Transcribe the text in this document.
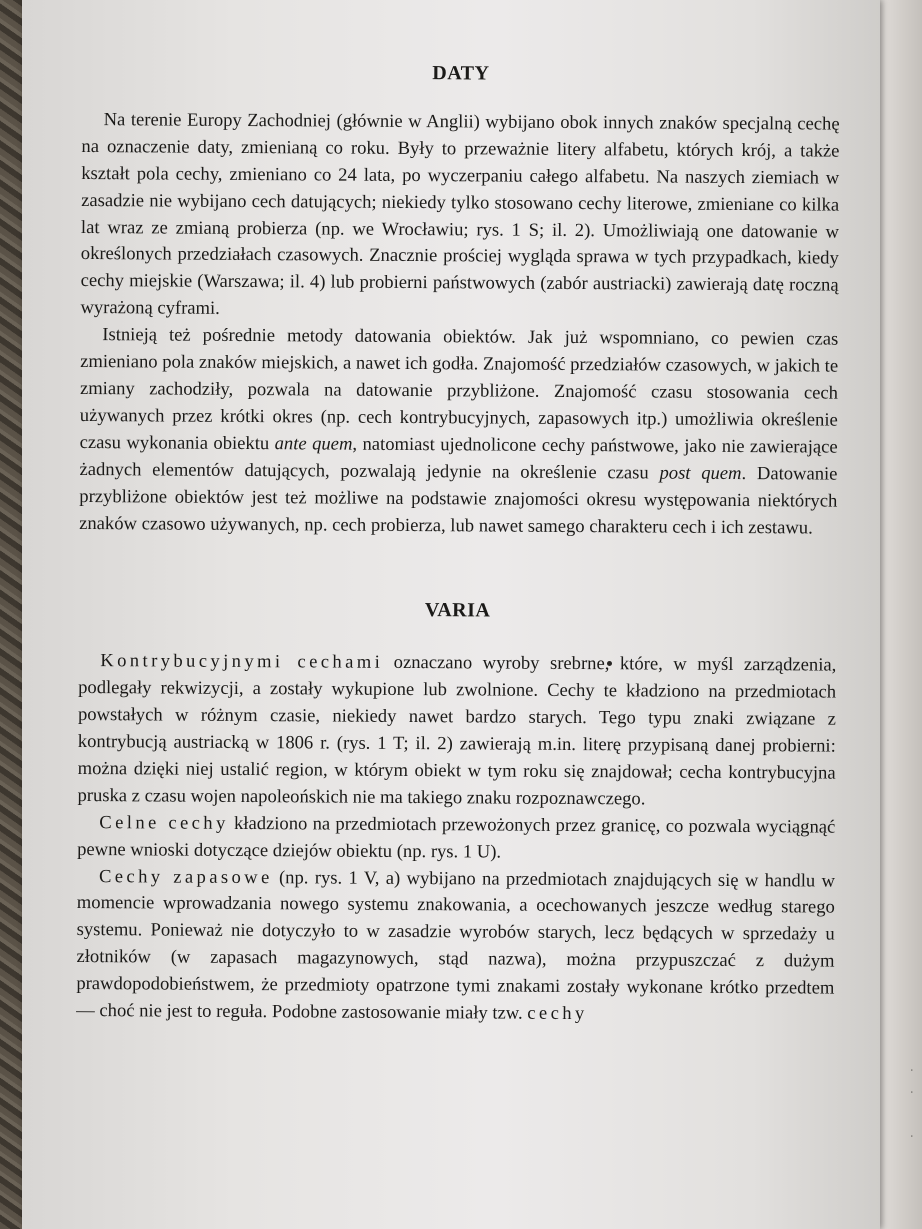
·
·

·
DATY

Na terenie Europy Zachodniej (głównie w Anglii) wybijano obok innych znaków specjalną cechę na oznaczenie daty, zmienianą co roku. Były to przeważnie litery alfabetu, których krój, a także kształt pola cechy, zmieniano co 24 lata, po wyczerpaniu całego alfabetu. Na naszych ziemiach w zasadzie nie wybijano cech datujących; niekiedy tylko stosowano cechy literowe, zmieniane co kilka lat wraz ze zmianą probierza (np. we Wrocławiu; rys. 1 S; il. 2). Umożliwiają one datowanie w określonych przedziałach czasowych. Znacznie prościej wygląda sprawa w tych przypadkach, kiedy cechy miejskie (Warszawa; il. 4) lub probierni państwowych (zabór austriacki) zawierają datę roczną wyrażoną cyframi.

Istnieją też pośrednie metody datowania obiektów. Jak już wspomniano, co pewien czas zmieniano pola znaków miejskich, a nawet ich godła. Znajomość przedziałów czasowych, w jakich te zmiany zachodziły, pozwala na datowanie przybliżone. Znajomość czasu stosowania cech używanych przez krótki okres (np. cech kontrybucyjnych, zapasowych itp.) umożliwia określenie czasu wykonania obiektu ante quem, natomiast ujednolicone cechy państwowe, jako nie zawierające żadnych elementów datujących, pozwalają jedynie na określenie czasu post quem. Datowanie przybliżone obiektów jest też możliwe na podstawie znajomości okresu występowania niektórych znaków czasowo używanych, np. cech probierza, lub nawet samego charakteru cech i ich zestawu.

VARIA

Kontrybucyjnymi cechami oznaczano wyroby srebrne, które, w myśl zarządzenia, podlegały rekwizycji, a zostały wykupione lub zwolnione. Cechy te kładziono na przedmiotach powstałych w różnym czasie, niekiedy nawet bardzo starych. Tego typu znaki związane z kontrybucją austriacką w 1806 r. (rys. 1 T; il. 2) zawierają m.in. literę przypisaną danej probierni: można dzięki niej ustalić region, w którym obiekt w tym roku się znajdował; cecha kontrybucyjna pruska z czasu wojen napoleońskich nie ma takiego znaku rozpoznawczego.

Celne cechy kładziono na przedmiotach przewożonych przez granicę, co pozwala wyciągnąć pewne wnioski dotyczące dziejów obiektu (np. rys. 1 U).

Cechy zapasowe (np. rys. 1 V, a) wybijano na przedmiotach znajdujących się w handlu w momencie wprowadzania nowego systemu znakowania, a ocechowanych jeszcze według starego systemu. Ponieważ nie dotyczyło to w zasadzie wyrobów starych, lecz będących w sprzedaży u złotników (w zapasach magazynowych, stąd nazwa), można przypuszczać z dużym prawdopodobieństwem, że przedmioty opatrzone tymi znakami zostały wykonane krótko przedtem — choć nie jest to reguła. Podobne zastosowanie miały tzw. cechy
